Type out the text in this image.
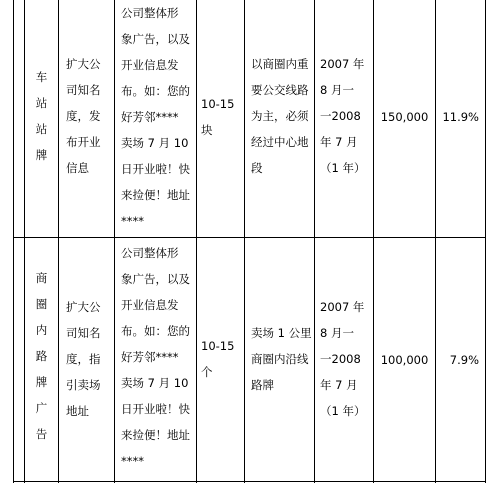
车
站
站
牌
扩大公
司知名
度，发
布开业
信息
公司整体形
象广告，以及
开业信息发
布。如：您的
好芳邻****
卖场 7 月 10
日开业啦！快
来捡便！地址
****
10-15
块
以商圈内重
要公交线路
为主，必须
经过中心地
段
2007 年
8 月一
一2008
年 7 月
（1 年）
150,000	11.9%
商
圈
内
路
牌
广
告
扩大公
司知名
度，指
引卖场
地址
公司整体形
象广告，以及
开业信息发
布。如：您的
好芳邻****
卖场 7 月 10
日开业啦！快
来捡便！地址
****
10-15
个
卖场 1 公里
商圈内沿线
路牌
2007 年
8 月一
一2008
年 7 月
（1 年）
100,000	7.9%
